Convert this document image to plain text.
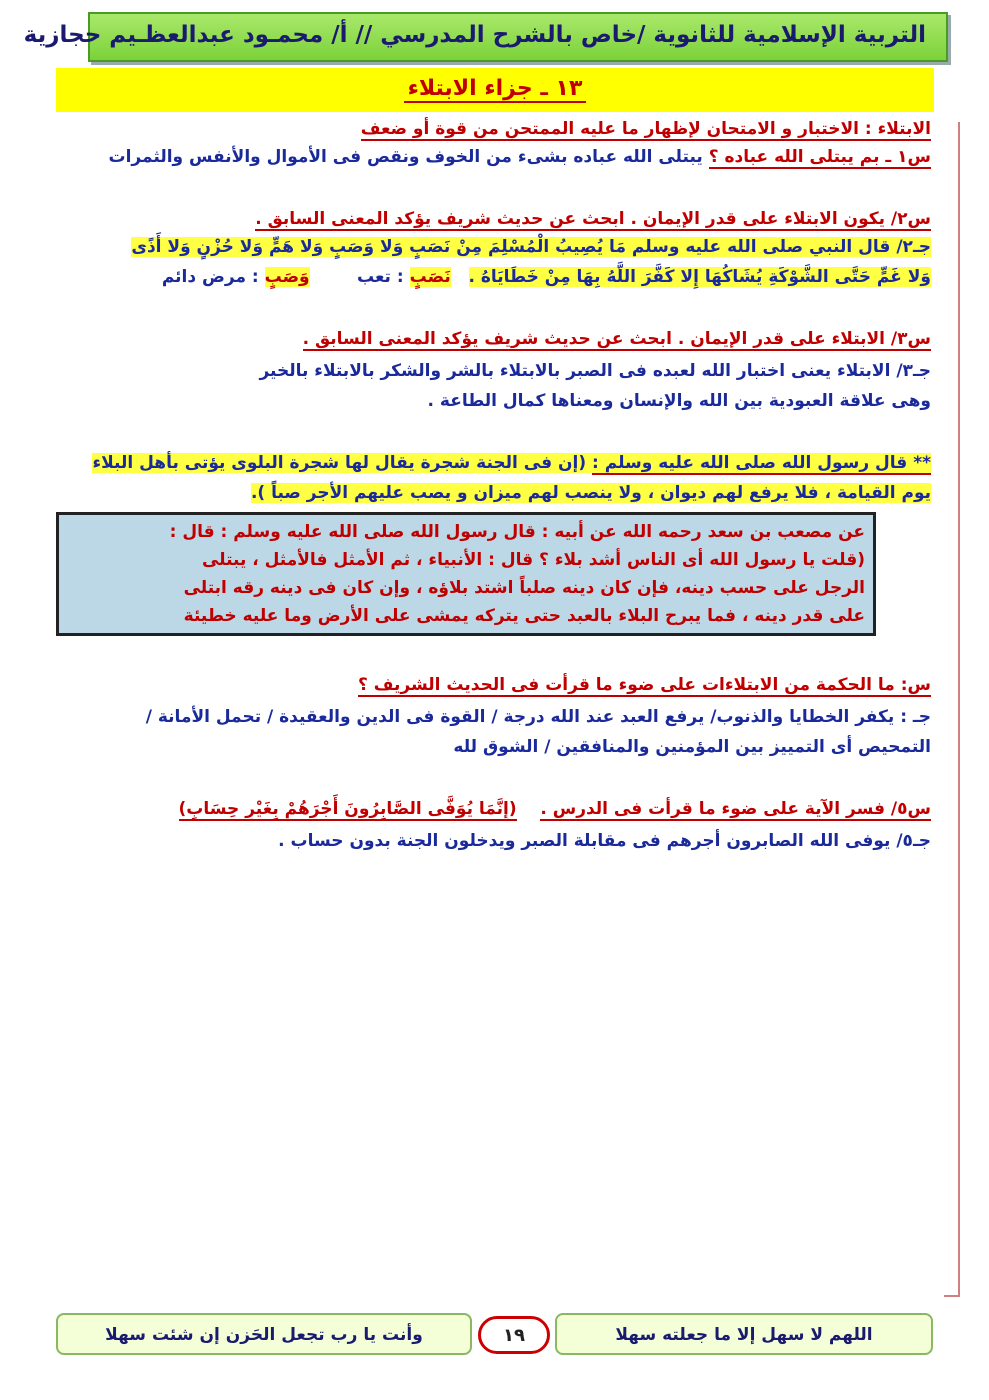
التربية الإسلامية للثانوية /خاص بالشرح المدرسي // أ/ محمـود عبدالعظـيم حجازية
١٣ ـ جزاء الابتلاء
الابتلاء : الاختبار و الامتحان لإظهار ما عليه الممتحن من قوة أو ضعف
س١ ـ بم يبتلى الله عباده ؟ يبتلى الله عباده بشىء من الخوف ونقص فى الأموال والأنفس والثمرات
س٢/ يكون الابتلاء على قدر الإيمان . ابحث عن حديث شريف يؤكد المعنى السابق .
جـ٢/ قال النبي صلى الله عليه وسلم مَا يُصِيبُ الْمُسْلِمَ مِنْ نَصَبٍ وَلا وَصَبٍ وَلا هَمٍّ وَلا حُزْنٍ وَلا أَذًى
وَلا غَمٍّ حَتَّى الشَّوْكَةِ يُشَاكُهَا إِلا كَفَّرَ اللَّهُ بِهَا مِنْ خَطَايَاهُ .   نَصَبٍ : تعب        وَصَبٍ : مرض دائم
س٣/ الابتلاء على قدر الإيمان . ابحث عن حديث شريف يؤكد المعنى السابق .
جـ٣/ الابتلاء يعنى اختبار الله لعبده فى الصبر بالابتلاء بالشر والشكر بالابتلاء بالخير
وهى علاقة العبودية بين الله والإنسان ومعناها كمال الطاعة .
** قال رسول الله صلى الله عليه وسلم : (إن فى الجنة شجرة يقال لها شجرة البلوى يؤتى بأهل البلاء
يوم القيامة ، فلا يرفع لهم ديوان ، ولا ينصب لهم ميزان و يصب عليهم الأجر صباً ).
عن مصعب بن سعد رحمه الله عن أبيه : قال رسول الله صلى الله عليه وسلم : قال :
(قلت يا رسول الله أى الناس أشد بلاء ؟ قال : الأنبياء ، ثم الأمثل فالأمثل ، يبتلى
الرجل على حسب دينه، فإن كان دينه صلباً اشتد بلاؤه ، وإن كان فى دينه رقه ابتلى
على قدر دينه ، فما يبرح البلاء بالعبد حتى يتركه يمشى على الأرض وما عليه خطيئة
س: ما الحكمة من الابتلاءات على ضوء ما قرأت فى الحديث الشريف ؟
جـ : يكفر الخطايا والذنوب/ يرفع العبد عند الله درجة / القوة فى الدين والعقيدة / تحمل الأمانة /
التمحيص أى التمييز بين المؤمنين والمنافقين / الشوق لله
س٥/ فسر الآية على ضوء ما قرأت فى الدرس .    (إِنَّمَا يُوَفَّى الصَّابِرُونَ أَجْرَهُمْ بِغَيْرِ حِسَابٍ)
جـ٥/ يوفى الله الصابرون أجرهم فى مقابلة الصبر ويدخلون الجنة بدون حساب .
اللهم لا سهل إلا ما جعلته سهلا
١٩
وأنت يا رب تجعل الحَزن إن شئت سهلا
